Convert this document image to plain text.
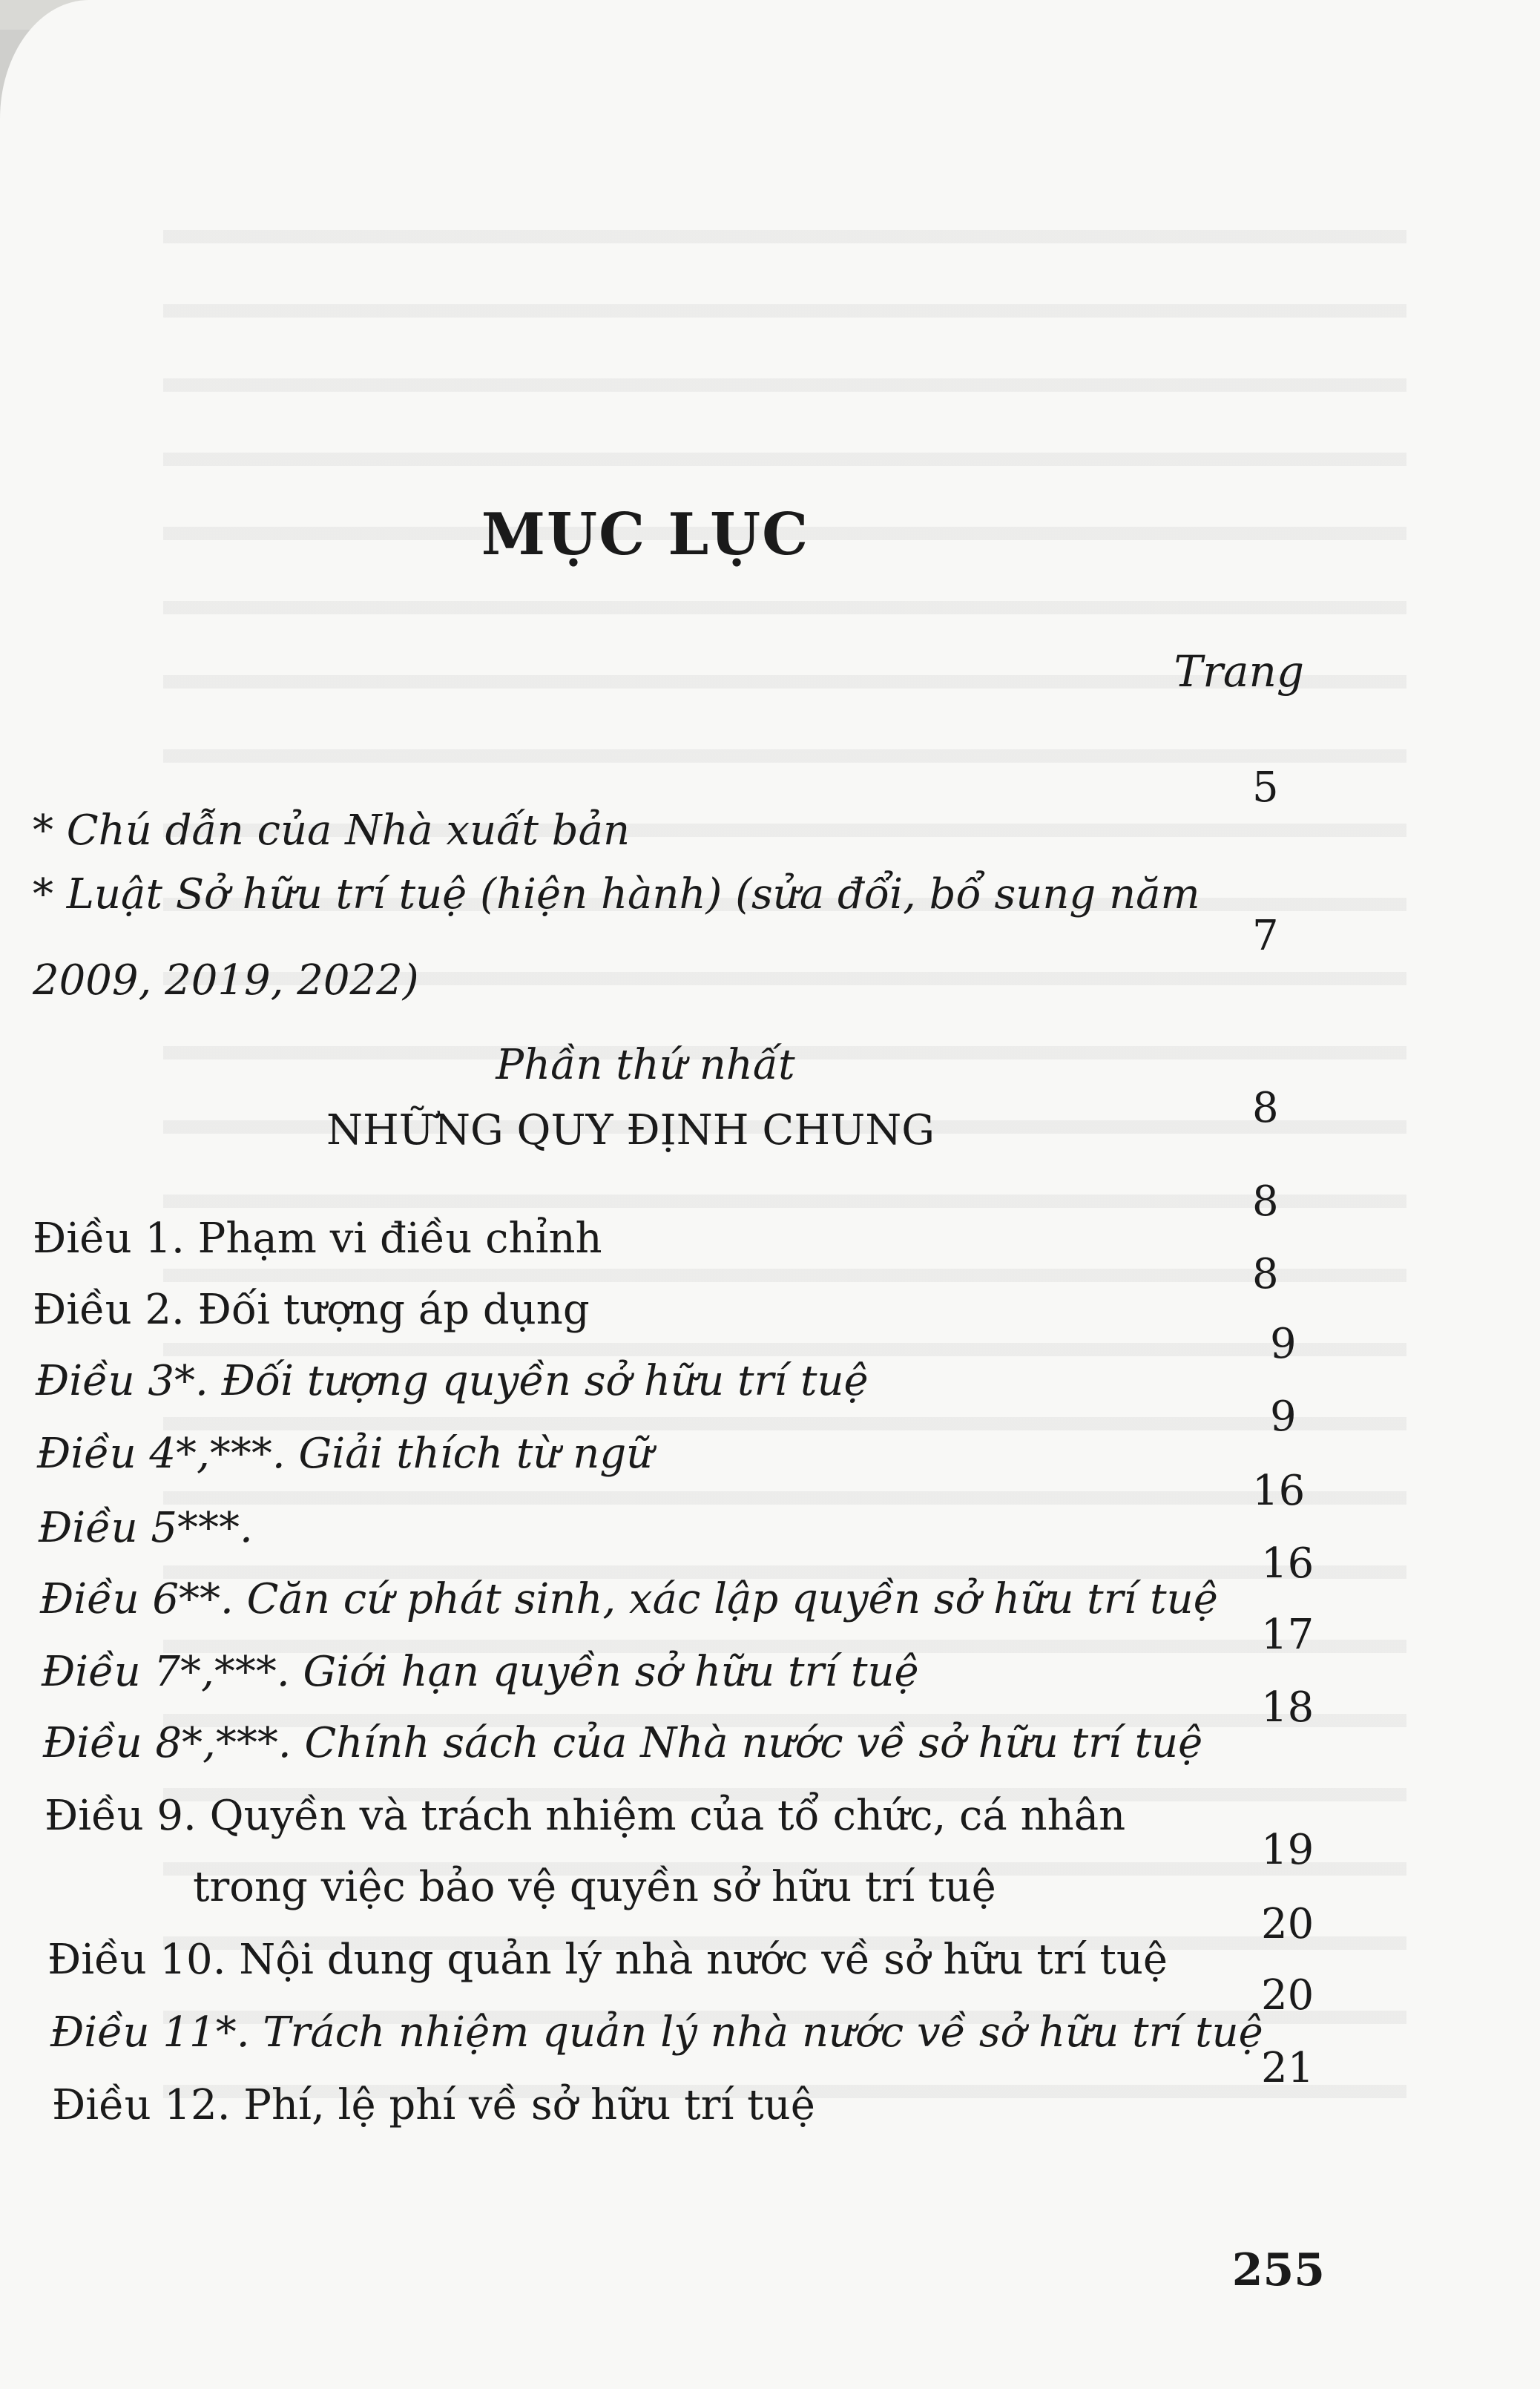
MỤC LỤC
Trang
* Chú dẫn của Nhà xuất bản
5
* Luật Sở hữu trí tuệ (hiện hành) (sửa đổi, bổ sung năm
2009, 2019, 2022)
7
Phần thứ nhất
NHỮNG QUY ĐỊNH CHUNG	8
Điều 1. Phạm vi điều chỉnh
8
Điều 2. Đối tượng áp dụng
8
Điều 3*. Đối tượng quyền sở hữu trí tuệ
9
Điều 4*,***. Giải thích từ ngữ
9
Điều 5***.
16
Điều 6**. Căn cứ phát sinh, xác lập quyền sở hữu trí tuệ
16
Điều 7*,***. Giới hạn quyền sở hữu trí tuệ
17
Điều 8*,***. Chính sách của Nhà nước về sở hữu trí tuệ
18
Điều 9. Quyền và trách nhiệm của tổ chức, cá nhân
trong việc bảo vệ quyền sở hữu trí tuệ
19
Điều 10. Nội dung quản lý nhà nước về sở hữu trí tuệ
20
Điều 11*. Trách nhiệm quản lý nhà nước về sở hữu trí tuệ
20
Điều 12. Phí, lệ phí về sở hữu trí tuệ
21
255
